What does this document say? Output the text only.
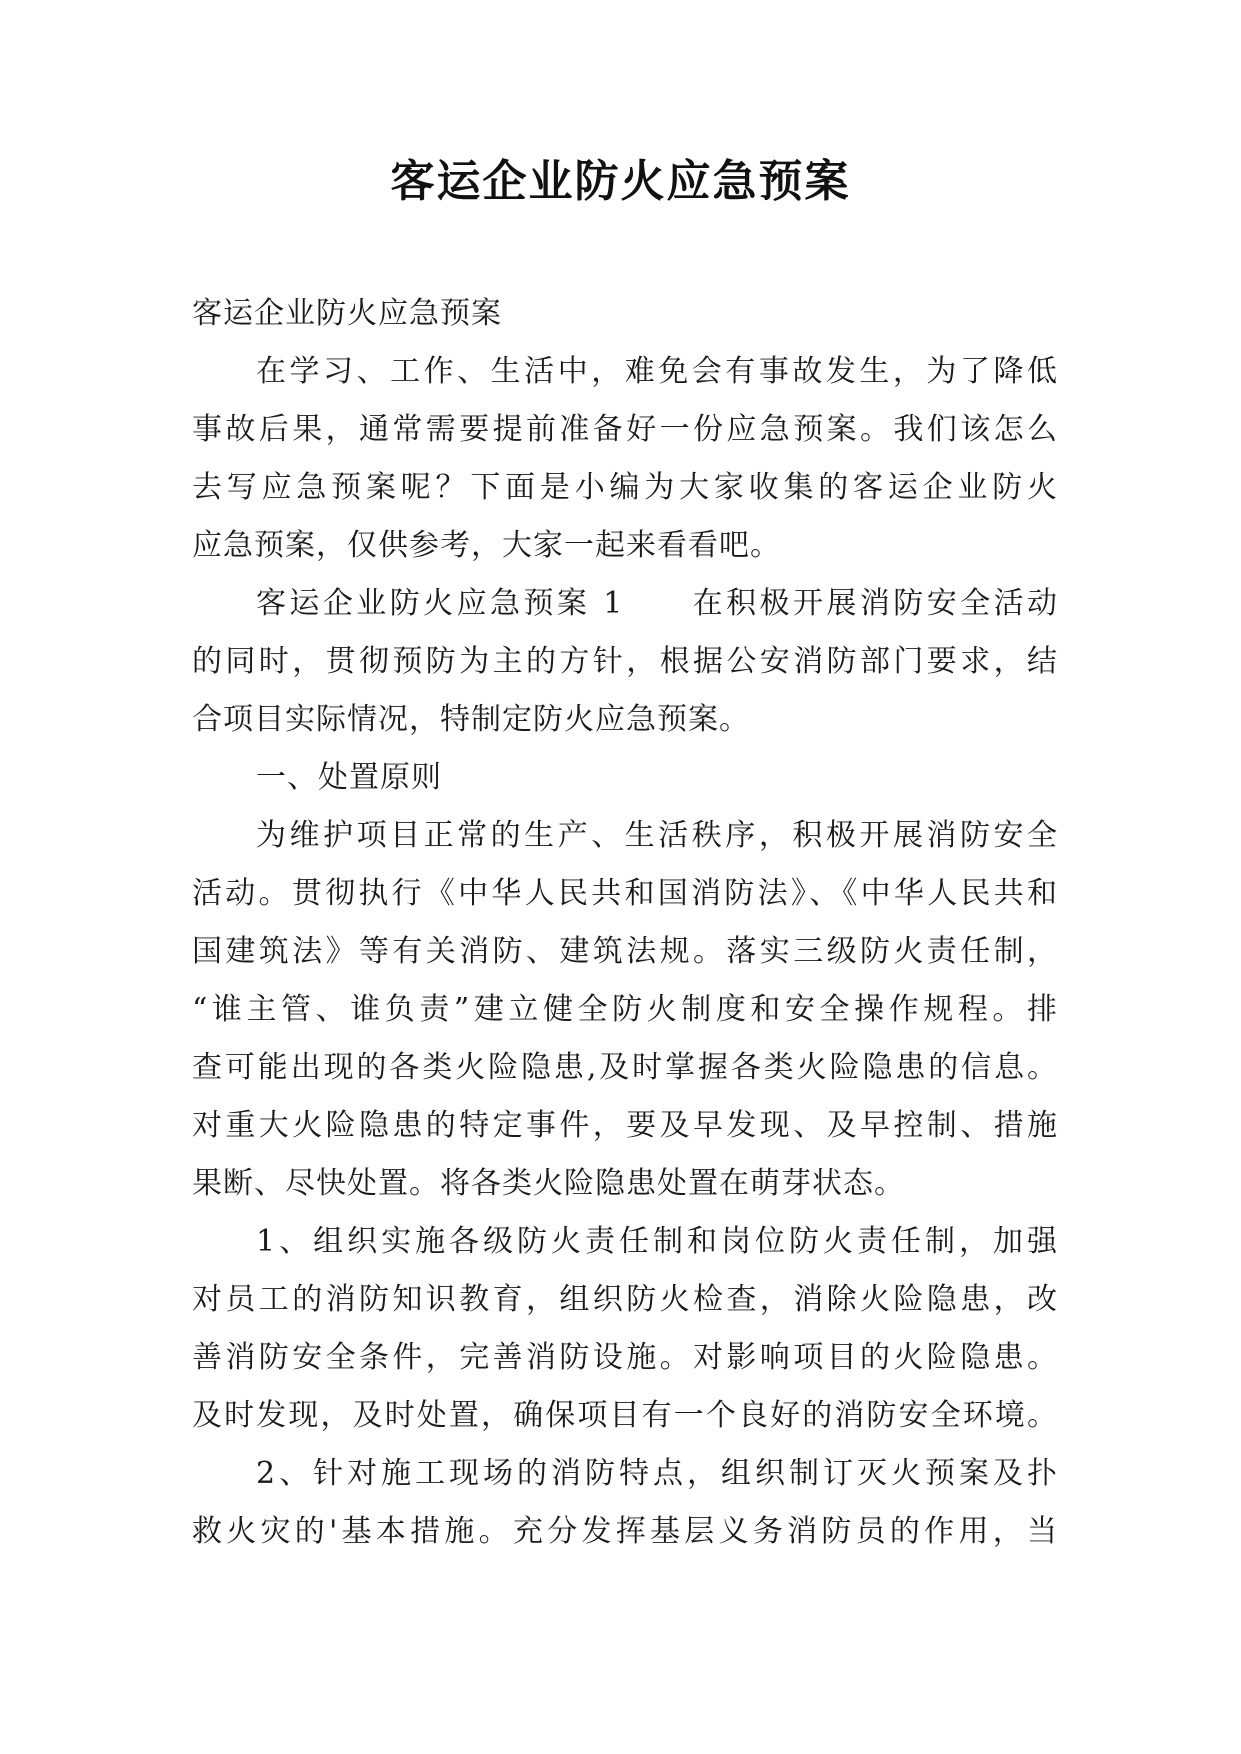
客运企业防火应急预案
客运企业防火应急预案
在学习、工作、生活中，难免会有事故发生，为了降低
事故后果，通常需要提前准备好一份应急预案。我们该怎么
去写应急预案呢？下面是小编为大家收集的客运企业防火
应急预案，仅供参考，大家一起来看看吧。
客运企业防火应急预案 1　　在积极开展消防安全活动
的同时，贯彻预防为主的方针，根据公安消防部门要求，结
合项目实际情况，特制定防火应急预案。
一、处置原则
为维护项目正常的生产、生活秩序，积极开展消防安全
活动。贯彻执行《中华人民共和国消防法》、《中华人民共和
国建筑法》等有关消防、建筑法规。落实三级防火责任制，
“谁主管、谁负责”建立健全防火制度和安全操作规程。排
查可能出现的各类火险隐患,及时掌握各类火险隐患的信息。
对重大火险隐患的特定事件，要及早发现、及早控制、措施
果断、尽快处置。将各类火险隐患处置在萌芽状态。
1、组织实施各级防火责任制和岗位防火责任制，加强
对员工的消防知识教育，组织防火检查，消除火险隐患，改
善消防安全条件，完善消防设施。对影响项目的火险隐患。
及时发现，及时处置，确保项目有一个良好的消防安全环境。
2、针对施工现场的消防特点，组织制订灭火预案及扑
救火灾的'基本措施。充分发挥基层义务消防员的作用，当
